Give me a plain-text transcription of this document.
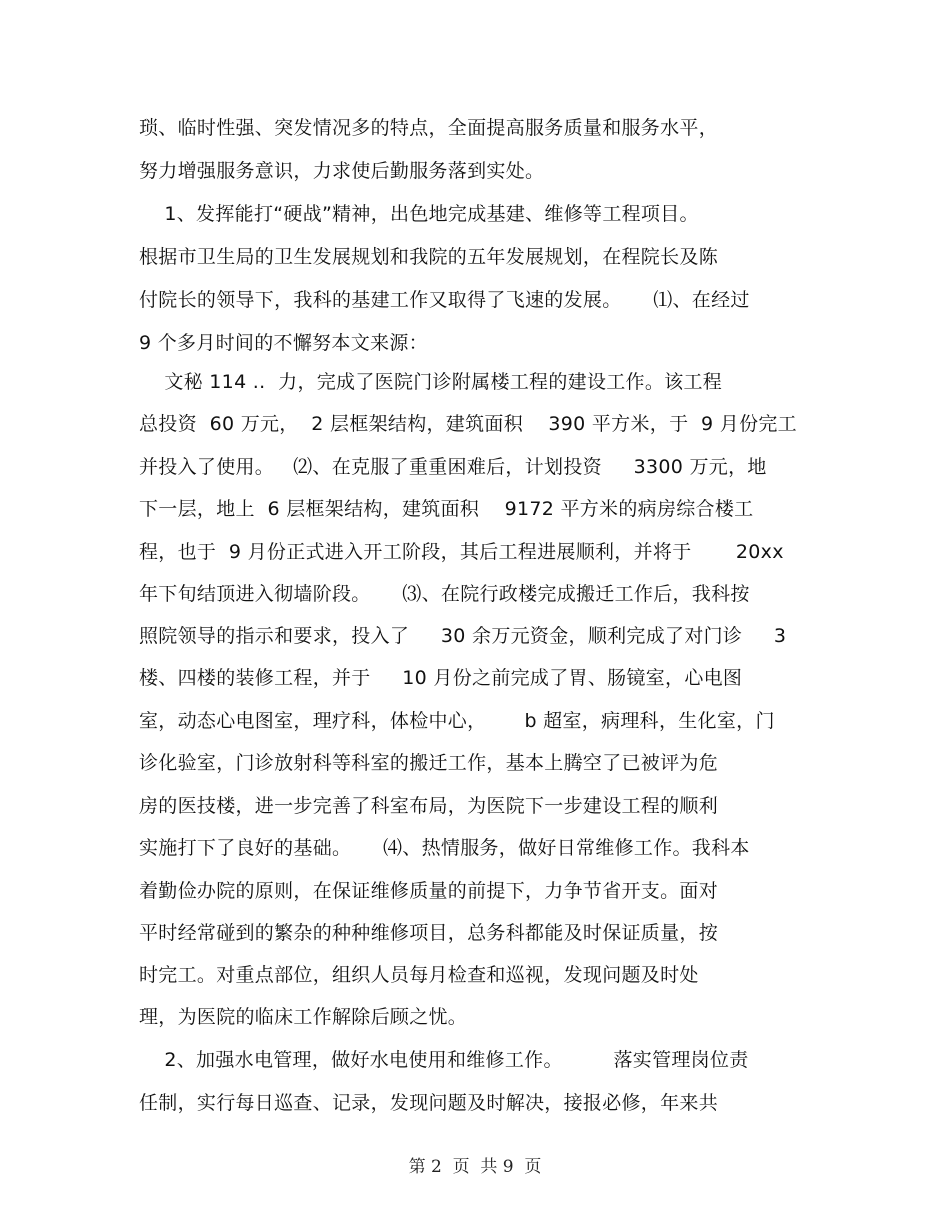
琐、临时性强、突发情况多的特点，全面提高服务质量和服务水平，
努力增强服务意识，力求使后勤服务落到实处。
1、发挥能打“硬战”精神，出色地完成基建、维修等工程项目。
根据市卫生局的卫生发展规划和我院的五年发展规划，在程院长及陈
付院长的领导下，我科的基建工作又取得了飞速的发展。     ⑴、在经过
9 个多月时间的不懈努本文来源：
文秘 114 ..  力，完成了医院门诊附属楼工程的建设工作。该工程
总投资  60 万元，  2 层框架结构，建筑面积    390 平方米，于  9 月份完工
并投入了使用。   ⑵、在克服了重重困难后，计划投资     3300 万元，地
下一层，地上  6 层框架结构，建筑面积    9172 平方米的病房综合楼工
程，也于  9 月份正式进入开工阶段，其后工程进展顺利，并将于       20xx
年下旬结顶进入彻墙阶段。     ⑶、在院行政楼完成搬迁工作后，我科按
照院领导的指示和要求，投入了     30 余万元资金，顺利完成了对门诊     3
楼、四楼的装修工程，并于     10 月份之前完成了胃、肠镜室，心电图
室，动态心电图室，理疗科，体检中心，      b 超室，病理科，生化室，门
诊化验室，门诊放射科等科室的搬迁工作，基本上腾空了已被评为危
房的医技楼，进一步完善了科室布局，为医院下一步建设工程的顺利
实施打下了良好的基础。     ⑷、热情服务，做好日常维修工作。我科本
着勤俭办院的原则，在保证维修质量的前提下，力争节省开支。面对
平时经常碰到的繁杂的种种维修项目，总务科都能及时保证质量，按
时完工。对重点部位，组织人员每月检查和巡视，发现问题及时处
理，为医院的临床工作解除后顾之忧。
2、加强水电管理，做好水电使用和维修工作。        落实管理岗位责
任制，实行每日巡查、记录，发现问题及时解决，接报必修，年来共
第 2  页  共 9  页
